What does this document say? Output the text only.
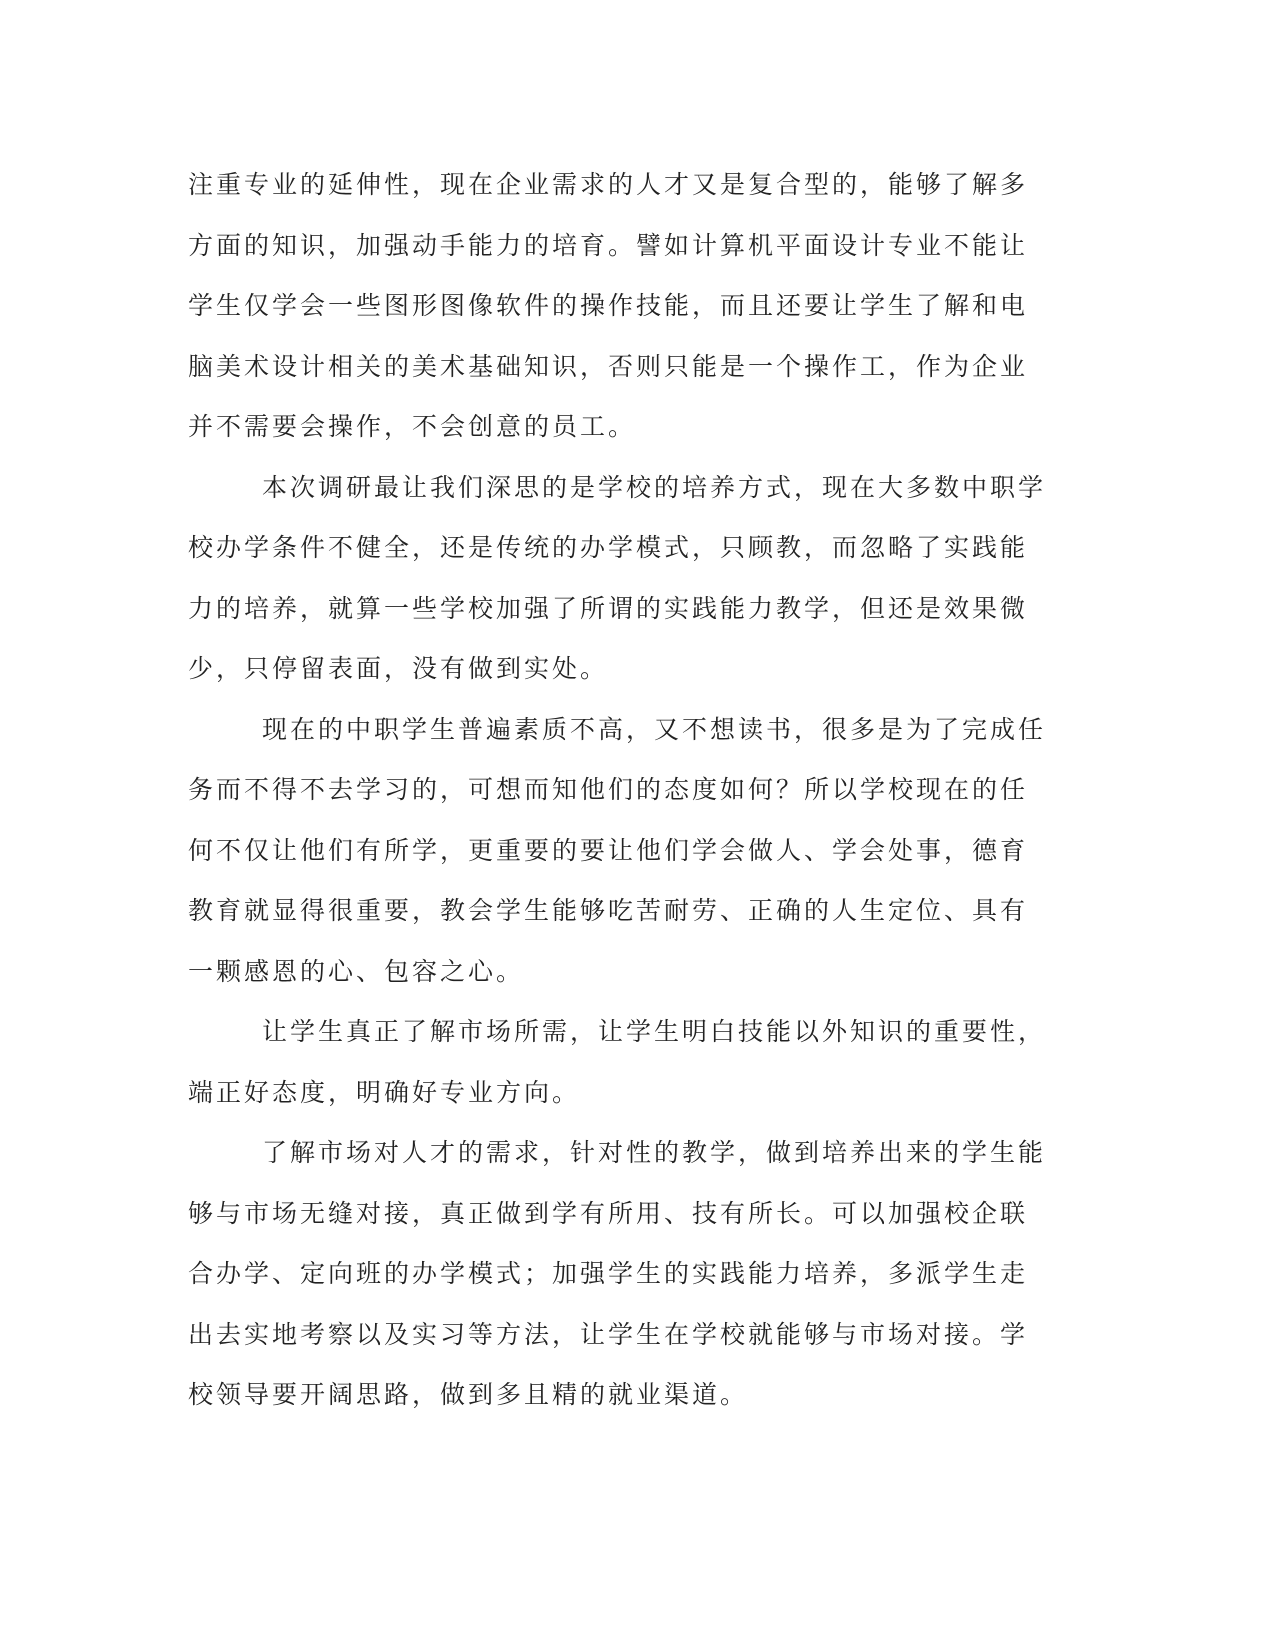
注重专业的延伸性，现在企业需求的人才又是复合型的，能够了解多
方面的知识，加强动手能力的培育。譬如计算机平面设计专业不能让
学生仅学会一些图形图像软件的操作技能，而且还要让学生了解和电
脑美术设计相关的美术基础知识，否则只能是一个操作工，作为企业
并不需要会操作，不会创意的员工。
本次调研最让我们深思的是学校的培养方式，现在大多数中职学
校办学条件不健全，还是传统的办学模式，只顾教，而忽略了实践能
力的培养，就算一些学校加强了所谓的实践能力教学，但还是效果微
少，只停留表面，没有做到实处。
现在的中职学生普遍素质不高，又不想读书，很多是为了完成任
务而不得不去学习的，可想而知他们的态度如何？所以学校现在的任
何不仅让他们有所学，更重要的要让他们学会做人、学会处事，德育
教育就显得很重要，教会学生能够吃苦耐劳、正确的人生定位、具有
一颗感恩的心、包容之心。
让学生真正了解市场所需，让学生明白技能以外知识的重要性，
端正好态度，明确好专业方向。
了解市场对人才的需求，针对性的教学，做到培养出来的学生能
够与市场无缝对接，真正做到学有所用、技有所长。可以加强校企联
合办学、定向班的办学模式；加强学生的实践能力培养，多派学生走
出去实地考察以及实习等方法，让学生在学校就能够与市场对接。学
校领导要开阔思路，做到多且精的就业渠道。
